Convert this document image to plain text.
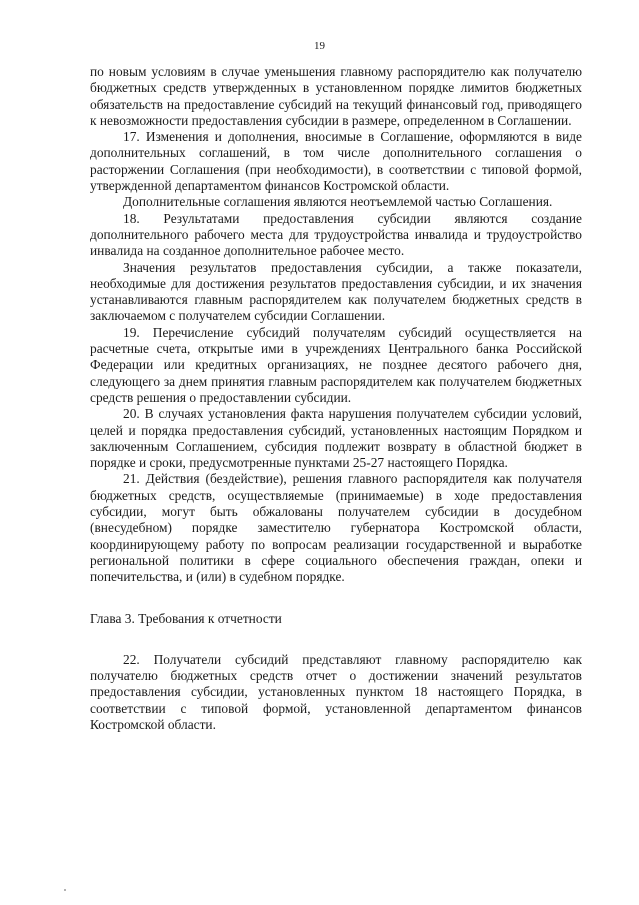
19

по новым условиям в случае уменьшения главному распорядителю как получателю бюджетных средств утвержденных в установленном порядке лимитов бюджетных обязательств на предоставление субсидий на текущий финансовый год, приводящего к невозможности предоставления субсидии в размере, определенном в Соглашении.

17. Изменения и дополнения, вносимые в Соглашение, оформляются в виде дополнительных соглашений, в том числе дополнительного соглашения о расторжении Соглашения (при необходимости), в соответствии с типовой формой, утвержденной департаментом финансов Костромской области.

Дополнительные соглашения являются неотъемлемой частью Соглашения.

18. Результатами предоставления субсидии являются создание дополнительного рабочего места для трудоустройства инвалида и трудоустройство инвалида на созданное дополнительное рабочее место.

Значения результатов предоставления субсидии, а также показатели, необходимые для достижения результатов предоставления субсидии, и их значения устанавливаются главным распорядителем как получателем бюджетных средств в заключаемом с получателем субсидии Соглашении.

19. Перечисление субсидий получателям субсидий осуществляется на расчетные счета, открытые ими в учреждениях Центрального банка Российской Федерации или кредитных организациях, не позднее десятого рабочего дня, следующего за днем принятия главным распорядителем как получателем бюджетных средств решения о предоставлении субсидии.

20. В случаях установления факта нарушения получателем субсидии условий, целей и порядка предоставления субсидий, установленных настоящим Порядком и заключенным Соглашением, субсидия подлежит возврату в областной бюджет в порядке и сроки, предусмотренные пунктами 25-27 настоящего Порядка.

21. Действия (бездействие), решения главного распорядителя как получателя бюджетных средств, осуществляемые (принимаемые) в ходе предоставления субсидии, могут быть обжалованы получателем субсидии в досудебном (внесудебном) порядке заместителю губернатора Костромской области, координирующему работу по вопросам реализации государственной и выработке региональной политики в сфере социального обеспечения граждан, опеки и попечительства, и (или) в судебном порядке.

Глава 3. Требования к отчетности

22. Получатели субсидий представляют главному распорядителю как получателю бюджетных средств отчет о достижении значений результатов предоставления субсидии, установленных пунктом 18 настоящего Порядка, в соответствии с типовой формой, установленной департаментом финансов Костромской области.
